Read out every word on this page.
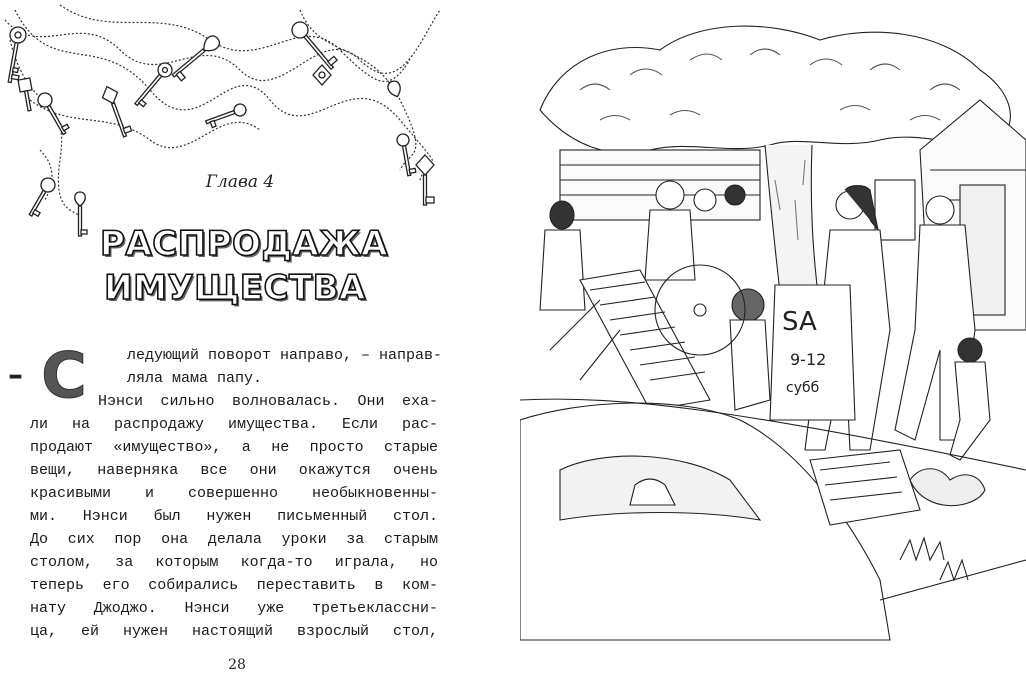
Глава 4
РАСПРОДАЖА
ИМУЩЕСТВА
– С	ледующий поворот направо, – направ-
ляла мама папу.
Нэнси сильно волновалась. Они еха-
ли на распродажу имущества. Если рас-
продают «имущество», а не просто старые
вещи, наверняка все они окажутся очень
красивыми и совершенно необыкновенны-
ми. Нэнси был нужен письменный стол.
До сих пор она делала уроки за старым
столом, за которым когда-то играла, но
теперь его собирались переставить в ком-
нату Джоджо. Нэнси уже третьеклассни-
ца, ей нужен настоящий взрослый стол,
28
SA
9-12
субб
